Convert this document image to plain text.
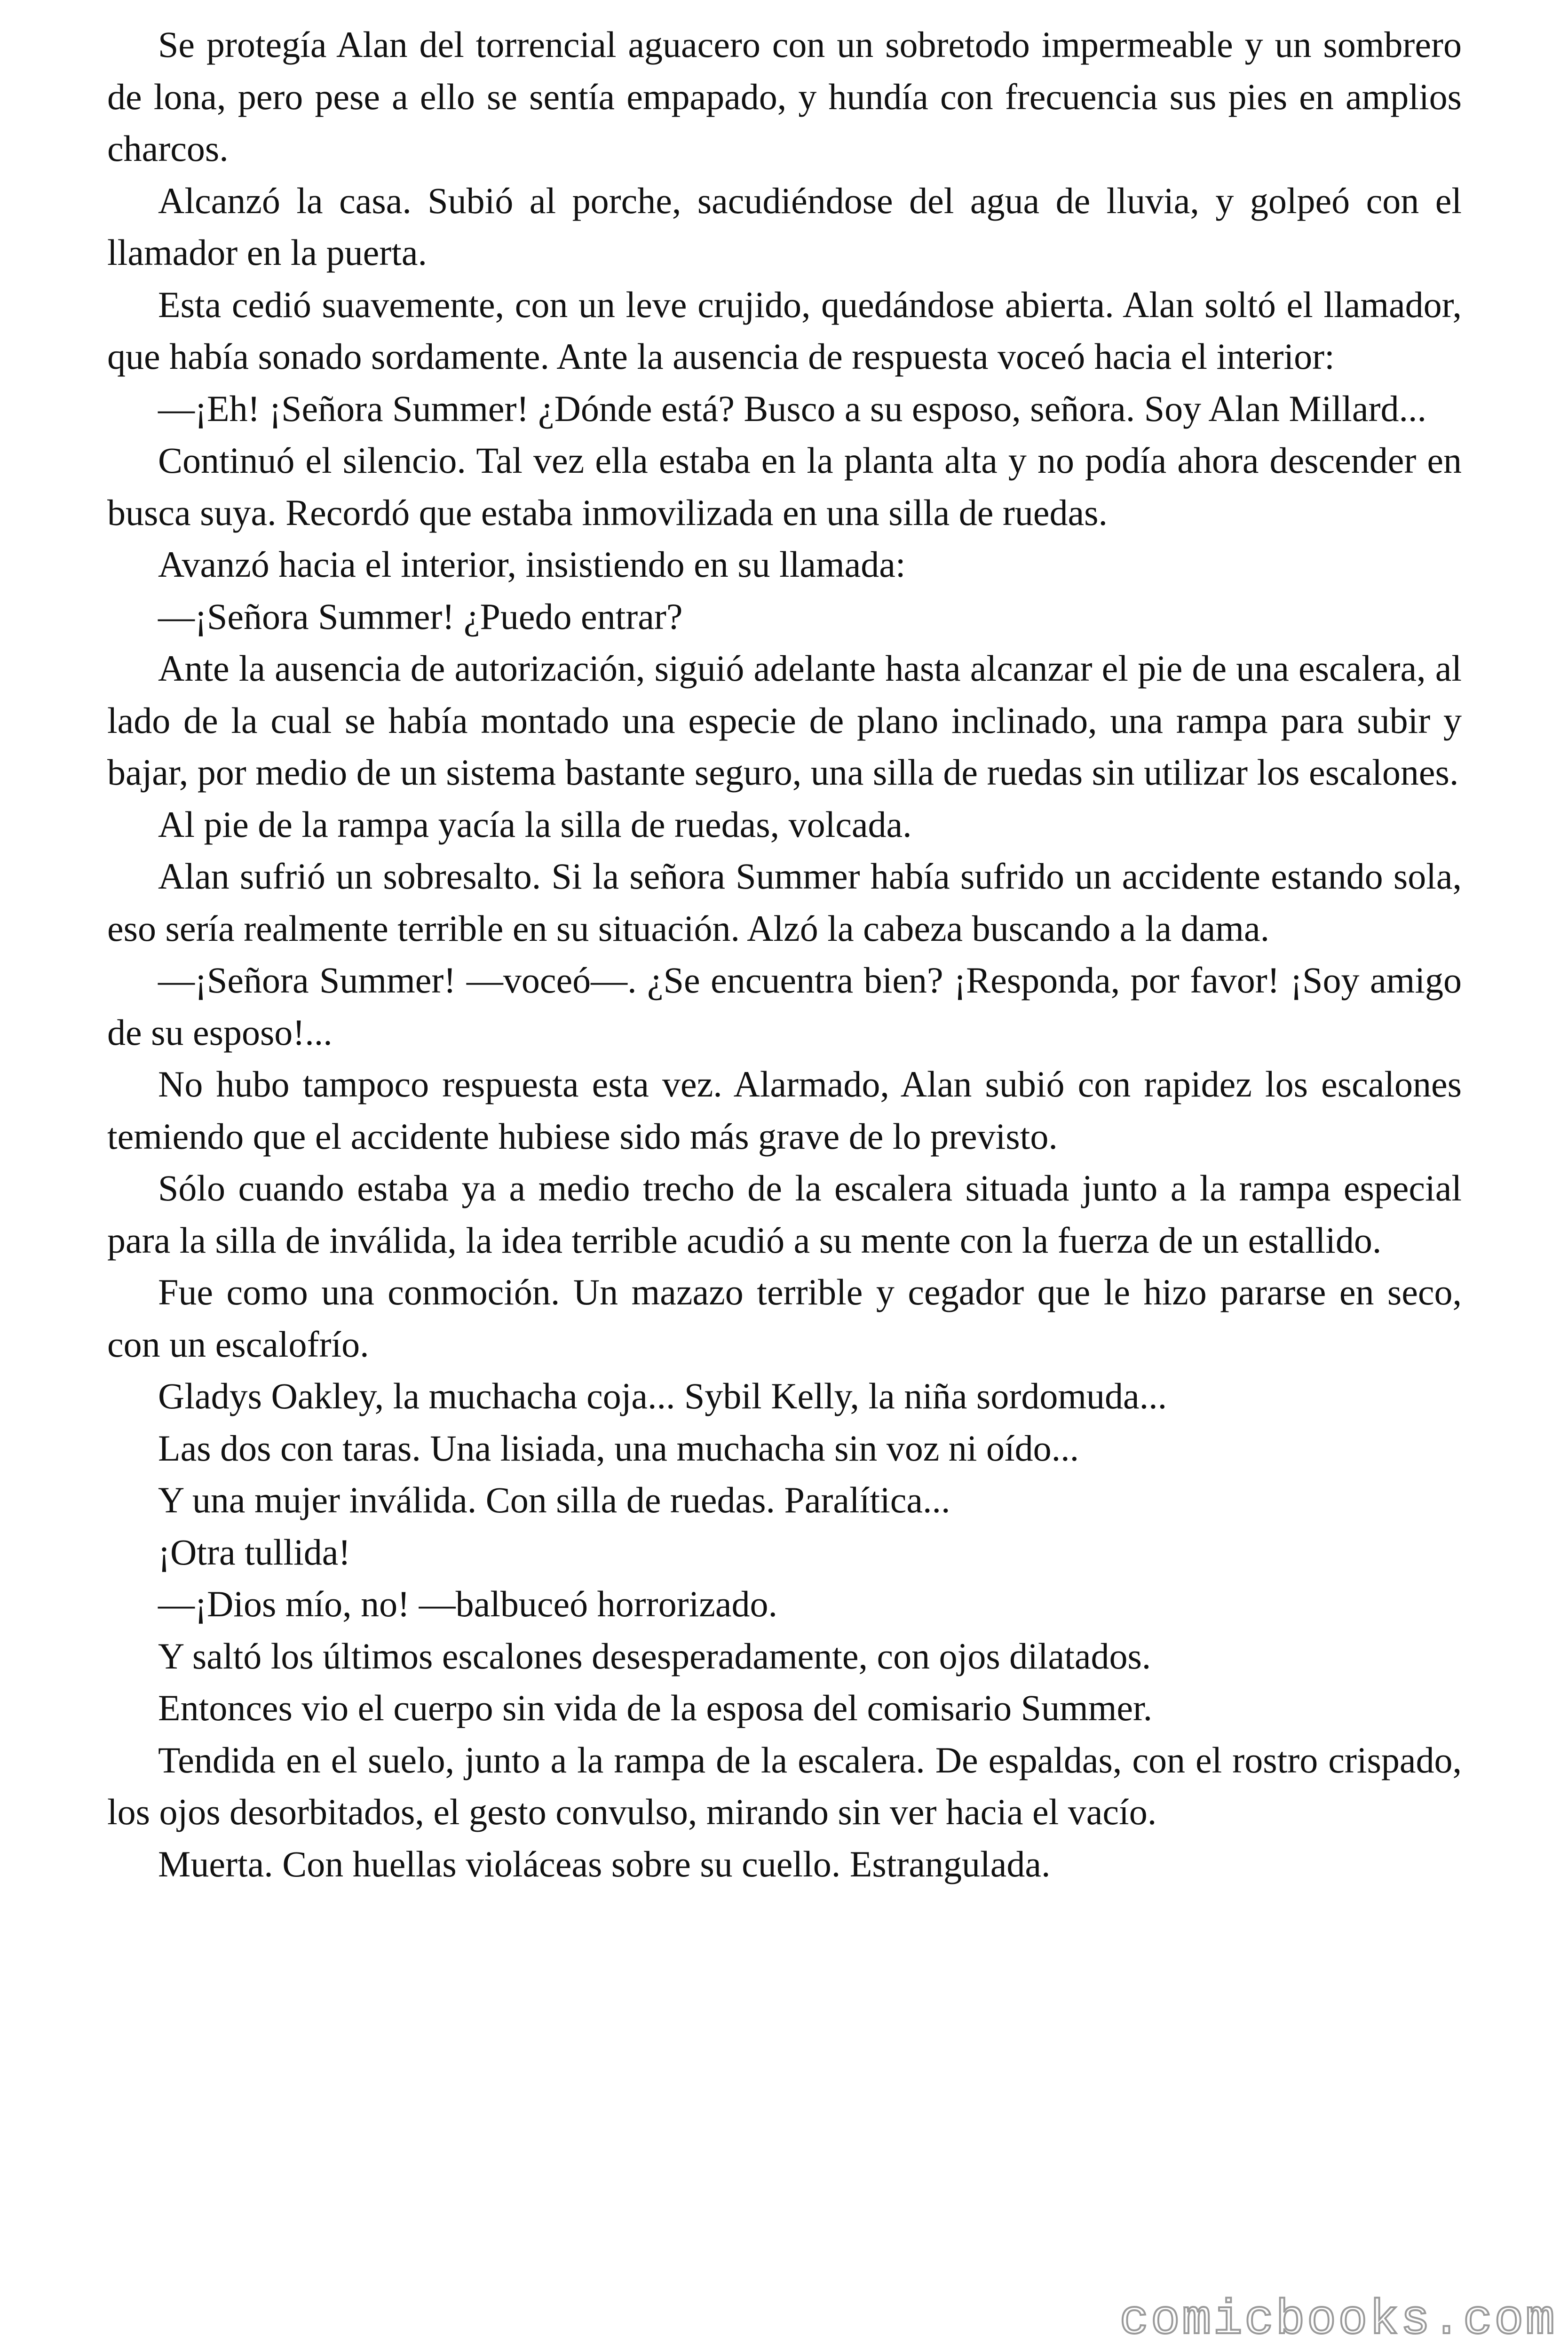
Se protegía Alan del torrencial aguacero con un sobretodo impermeable y un sombrero de lona, pero pese a ello se sentía empapado, y hundía con frecuencia sus pies en amplios charcos.

Alcanzó la casa. Subió al porche, sacudiéndose del agua de lluvia, y golpeó con el llamador en la puerta.

Esta cedió suavemente, con un leve crujido, quedándose abierta. Alan soltó el llamador, que había sonado sordamente. Ante la ausencia de respuesta voceó hacia el interior:

—¡Eh! ¡Señora Summer! ¿Dónde está? Busco a su esposo, señora. Soy Alan Millard...

Continuó el silencio. Tal vez ella estaba en la planta alta y no podía ahora descender en busca suya. Recordó que estaba inmovilizada en una silla de ruedas.

Avanzó hacia el interior, insistiendo en su llamada:

—¡Señora Summer! ¿Puedo entrar?

Ante la ausencia de autorización, siguió adelante hasta alcanzar el pie de una escalera, al lado de la cual se había montado una especie de plano inclinado, una rampa para subir y bajar, por medio de un sistema bastante seguro, una silla de ruedas sin utilizar los escalones.

Al pie de la rampa yacía la silla de ruedas, volcada.

Alan sufrió un sobresalto. Si la señora Summer había sufrido un accidente estando sola, eso sería realmente terrible en su situación. Alzó la cabeza buscando a la dama.

—¡Señora Summer! —voceó—. ¿Se encuentra bien? ¡Responda, por favor! ¡Soy amigo de su esposo!...

No hubo tampoco respuesta esta vez. Alarmado, Alan subió con rapidez los escalones temiendo que el accidente hubiese sido más grave de lo previsto.

Sólo cuando estaba ya a medio trecho de la escalera situada junto a la rampa especial para la silla de inválida, la idea terrible acudió a su mente con la fuerza de un estallido.

Fue como una conmoción. Un mazazo terrible y cegador que le hizo pararse en seco, con un escalofrío.

Gladys Oakley, la muchacha coja... Sybil Kelly, la niña sordomuda...

Las dos con taras. Una lisiada, una muchacha sin voz ni oído...

Y una mujer inválida. Con silla de ruedas. Paralítica...

¡Otra tullida!

—¡Dios mío, no! —balbuceó horrorizado.

Y saltó los últimos escalones desesperadamente, con ojos dilatados.

Entonces vio el cuerpo sin vida de la esposa del comisario Summer.

Tendida en el suelo, junto a la rampa de la escalera. De espaldas, con el rostro crispado, los ojos desorbitados, el gesto convulso, mirando sin ver hacia el vacío.

Muerta. Con huellas violáceas sobre su cuello. Estrangulada.

comicbooks.com
